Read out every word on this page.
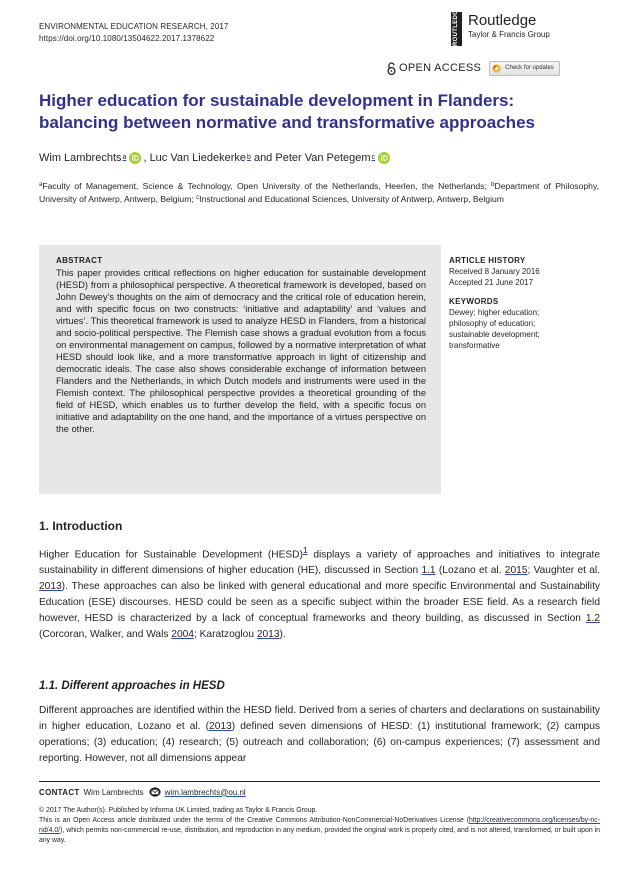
ENVIRONMENTAL EDUCATION RESEARCH, 2017
https://doi.org/10.1080/13504622.2017.1378622	ROUTLEDGE Routledge
Taylor & Francis Group
OPEN ACCESS	Check for updates
Higher education for sustainable development in Flanders:
balancing between normative and transformative approaches
Wim Lambrechts a , Luc Van Liedekerke b and Peter Van Petegem c

$^a$Faculty of Management, Science & Technology, Open University of the Netherlands, Heerlen, the Netherlands; $^b$Department of Philosophy, University of Antwerp, Antwerp, Belgium; $^c$Instructional and Educational Sciences, University of Antwerp, Antwerp, Belgium

ABSTRACT

This paper provides critical reflections on higher education for sustainable development (HESD) from a philosophical perspective. A theoretical framework is developed, based on John Dewey’s thoughts on the aim of democracy and the critical role of education herein, and with specific focus on two constructs: ‘initiative and adaptability’ and ‘values and virtues’. This theoretical framework is used to analyze HESD in Flanders, from a historical and socio-political perspective. The Flemish case shows a gradual evolution from a focus on environmental management on campus, followed by a normative interpretation of what HESD should look like, and a more transformative approach in light of citizenship and democratic ideals. The case also shows considerable exchange of information between Flanders and the Netherlands, in which Dutch models and instruments were used in the Flemish context. The philosophical perspective provides a theoretical grounding of the field of HESD, which enables us to further develop the field, with a specific focus on initiative and adaptability on the one hand, and the importance of a virtues perspective on the other.

ARTICLE HISTORY
Received 8 January 2016
Accepted 21 June 2017
KEYWORDS
Dewey; higher education;
philosophy of education;
sustainable development;
transformative
1. Introduction

Higher Education for Sustainable Development (HESD)$^1$ displays a variety of approaches and initiatives to integrate sustainability in different dimensions of higher education (HE), discussed in Section 1.1 (Lozano et al. 2015; Vaughter et al. 2013). These approaches can also be linked with general educational and more specific Environmental and Sustainability Education (ESE) discourses. HESD could be seen as a specific subject within the broader ESE field. As a research field however, HESD is characterized by a lack of conceptual frameworks and theory building, as discussed in Section 1.2 (Corcoran, Walker, and Wals 2004; Karatzoglou 2013).

1.1. Different approaches in HESD

Different approaches are identified within the HESD field. Derived from a series of charters and declarations on sustainability in higher education, Lozano et al. (2013) defined seven dimensions of HESD: (1) institutional framework; (2) campus operations; (3) education; (4) research; (5) outreach and collaboration; (6) on-campus experiences; (7) assessment and reporting. However, not all dimensions appear

CONTACT Wim Lambrechts	wim.lambrechts@ou.nl

© 2017 The Author(s). Published by Informa UK Limited, trading as Taylor & Francis Group.

This is an Open Access article distributed under the terms of the Creative Commons Attribution-NonCommercial-NoDerivatives License (http://creativecommons.org/licenses/by-nc-nd/4.0/), which permits non-commercial re-use, distribution, and reproduction in any medium, provided the original work is properly cited, and is not altered, transformed, or built upon in any way.
